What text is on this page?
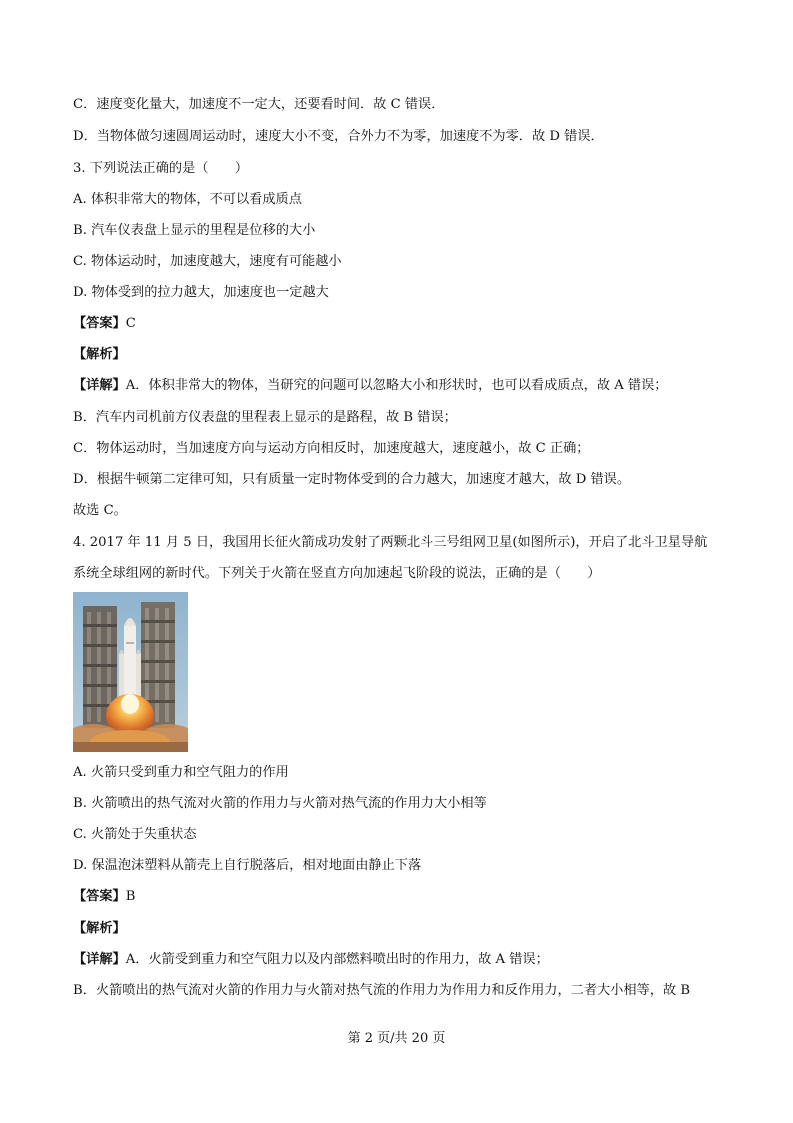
C．速度变化量大，加速度不一定大，还要看时间．故 C 错误．
D．当物体做匀速圆周运动时，速度大小不变，合外力不为零，加速度不为零．故 D 错误．
3. 下列说法正确的是（　　）
A. 体积非常大的物体，不可以看成质点
B. 汽车仪表盘上显示的里程是位移的大小
C. 物体运动时，加速度越大，速度有可能越小
D. 物体受到的拉力越大，加速度也一定越大
【答案】C
【解析】
【详解】A．体积非常大的物体，当研究的问题可以忽略大小和形状时，也可以看成质点，故 A 错误；
B．汽车内司机前方仪表盘的里程表上显示的是路程，故 B 错误；
C．物体运动时，当加速度方向与运动方向相反时，加速度越大，速度越小，故 C 正确；
D．根据牛顿第二定律可知，只有质量一定时物体受到的合力越大，加速度才越大，故 D 错误。
故选 C。
4. 2017 年 11 月 5 日，我国用长征火箭成功发射了两颗北斗三号组网卫星(如图所示)，开启了北斗卫星导航
系统全球组网的新时代。下列关于火箭在竖直方向加速起飞阶段的说法，正确的是（　　）
A. 火箭只受到重力和空气阻力的作用
B. 火箭喷出的热气流对火箭的作用力与火箭对热气流的作用力大小相等
C. 火箭处于失重状态
D. 保温泡沫塑料从箭壳上自行脱落后，相对地面由静止下落
【答案】B
【解析】
【详解】A．火箭受到重力和空气阻力以及内部燃料喷出时的作用力，故 A 错误；
B．火箭喷出的热气流对火箭的作用力与火箭对热气流的作用力为作用力和反作用力，二者大小相等，故 B
第 2 页/共 20 页
